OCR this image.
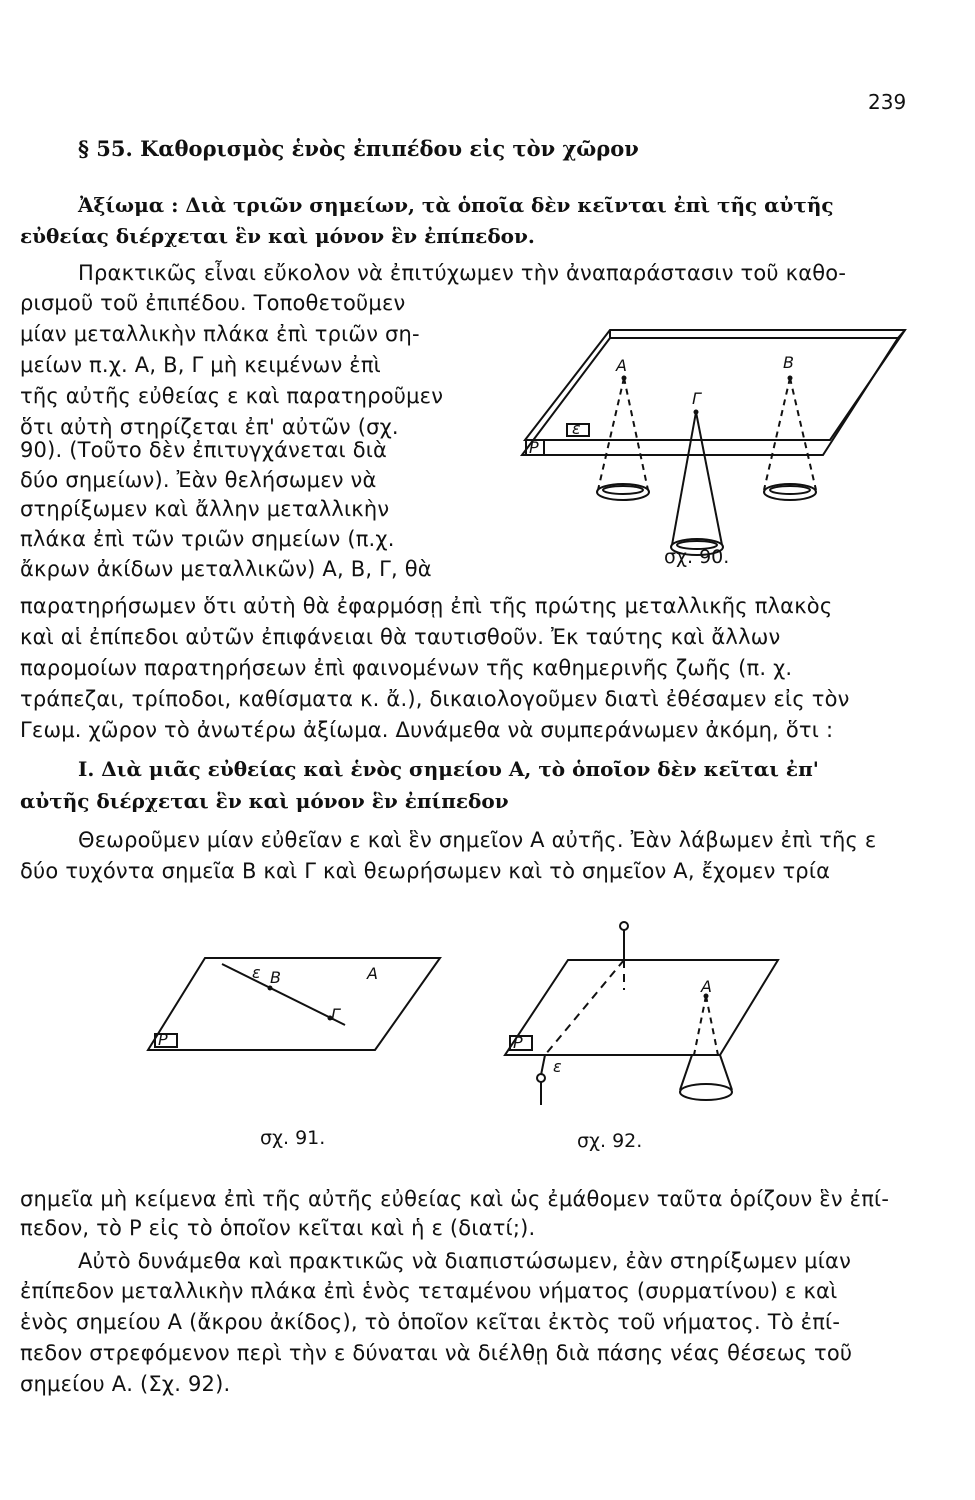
239
§ 55. Καθορισμὸς ἑνὸς ἐπιπέδου εἰς τὸν χῶρον
Ἀξίωμα : Διὰ τριῶν σημείων, τὰ ὁποῖα δὲν κεῖνται ἐπὶ τῆς αὐτῆς
εὐθείας διέρχεται ἓν καὶ μόνον ἓν ἐπίπεδον.
Πρακτικῶς εἶναι εὔκολον νὰ ἐπιτύχωμεν τὴν ἀναπαράστασιν τοῦ καθο-
ρισμοῦ τοῦ ἐπιπέδου. Τοποθετοῦμεν
μίαν μεταλλικὴν πλάκα ἐπὶ τριῶν ση-
μείων π.χ. Α, Β, Γ μὴ κειμένων ἐπὶ
τῆς αὐτῆς εὐθείας ε καὶ παρατηροῦμεν
ὅτι αὐτὴ στηρίζεται ἐπ' αὐτῶν (σχ.
90). (Τοῦτο δὲν ἐπιτυγχάνεται διὰ
δύο σημείων). Ἐὰν θελήσωμεν νὰ
στηρίξωμεν καὶ ἄλλην μεταλλικὴν
πλάκα ἐπὶ τῶν τριῶν σημείων (π.χ.
ἄκρων ἀκίδων μεταλλικῶν) Α, Β, Γ, θὰ
παρατηρήσωμεν ὅτι αὐτὴ θὰ ἐφαρμόσῃ ἐπὶ τῆς πρώτης μεταλλικῆς πλακὸς
καὶ αἱ ἐπίπεδοι αὐτῶν ἐπιφάνειαι θὰ ταυτισθοῦν. Ἐκ ταύτης καὶ ἄλλων
παρομοίων παρατηρήσεων ἐπὶ φαινομένων τῆς καθημερινῆς ζωῆς (π. χ.
τράπεζαι, τρίποδοι, καθίσματα κ. ἄ.), δικαιολογοῦμεν διατὶ ἐθέσαμεν εἰς τὸν
Γεωμ. χῶρον τὸ ἀνωτέρω ἀξίωμα. Δυνάμεθα νὰ συμπεράνωμεν ἀκόμη, ὅτι :
Α	Β
Γ
ε
Ρ
σχ. 90.
Ι. Διὰ μιᾶς εὐθείας καὶ ἑνὸς σημείου Α, τὸ ὁποῖον δὲν κεῖται ἐπ'
αὐτῆς διέρχεται ἓν καὶ μόνον ἓν ἐπίπεδον
Θεωροῦμεν μίαν εὐθεῖαν ε καὶ ἓν σημεῖον Α αὐτῆς. Ἐὰν λάβωμεν ἐπὶ τῆς ε
δύο τυχόντα σημεῖα Β καὶ Γ καὶ θεωρήσωμεν καὶ τὸ σημεῖον Α, ἔχομεν τρία
ε Β	Α
Γ
Ρ
σχ. 91.
Α
ε
Ρ
σχ. 92.
σημεῖα μὴ κείμενα ἐπὶ τῆς αὐτῆς εὐθείας καὶ ὡς ἐμάθομεν ταῦτα ὁρίζουν ἓν ἐπί-
πεδον, τὸ Ρ εἰς τὸ ὁποῖον κεῖται καὶ ἡ ε (διατί;).
Αὐτὸ δυνάμεθα καὶ πρακτικῶς νὰ διαπιστώσωμεν, ἐὰν στηρίξωμεν μίαν
ἐπίπεδον μεταλλικὴν πλάκα ἐπὶ ἑνὸς τεταμένου νήματος (συρματίνου) ε καὶ
ἑνὸς σημείου Α (ἄκρου ἀκίδος), τὸ ὁποῖον κεῖται ἐκτὸς τοῦ νήματος. Τὸ ἐπί-
πεδον στρεφόμενον περὶ τὴν ε δύναται νὰ διέλθῃ διὰ πάσης νέας θέσεως τοῦ
σημείου Α. (Σχ. 92).
